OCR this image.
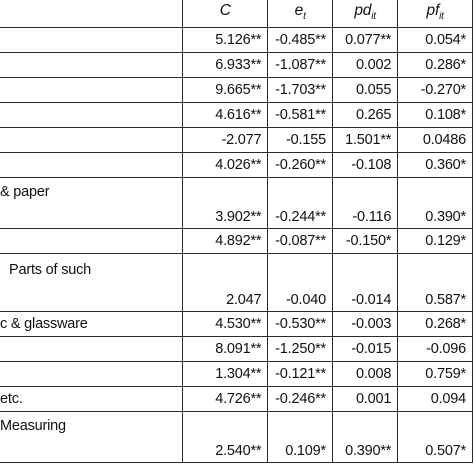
	C	$e_t$	$pd_{it}$	$pf_{it}$

	5.126**	-0.485**	0.077**	0.054*

	6.933**	-1.087**	0.002	0.286*

	9.665**	-1.703**	0.055	-0.270*

	4.616**	-0.581**	0.265	0.108*

	-2.077	-0.155	1.501**	0.0486

	4.026**	-0.260**	-0.108	0.360*

& paper	3.902**	-0.244**	-0.116	0.390*

	4.892**	-0.087**	-0.150*	0.129*

Parts of such	2.047	-0.040	-0.014	0.587*

c & glassware	4.530**	-0.530**	-0.003	0.268*

	8.091**	-1.250**	-0.015	-0.096

	1.304**	-0.121**	0.008	0.759*

etc.	4.726**	-0.246**	0.001	0.094

Measuring	2.540**	0.109*	0.390**	0.507*
